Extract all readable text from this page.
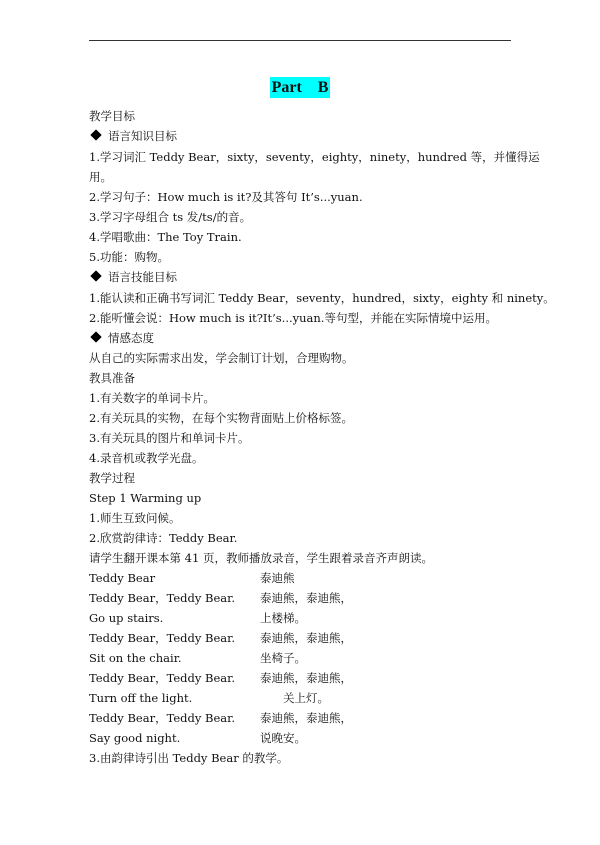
Part    B
教学目标
语言知识目标
1.学习词汇 Teddy Bear，sixty，seventy，eighty，ninety，hundred 等，并懂得运
用。
2.学习句子：How much is it?及其答句 It’s...yuan.
3.学习字母组合 ts 发/ts/的音。
4.学唱歌曲：The Toy Train.
5.功能：购物。
语言技能目标
1.能认读和正确书写词汇 Teddy Bear，seventy，hundred，sixty，eighty 和 ninety。
2.能听懂会说：How much is it?It’s...yuan.等句型，并能在实际情境中运用。
情感态度
从自己的实际需求出发，学会制订计划，合理购物。
教具准备
1.有关数字的单词卡片。
2.有关玩具的实物，在每个实物背面贴上价格标签。
3.有关玩具的图片和单词卡片。
4.录音机或教学光盘。
教学过程
Step 1 Warming up
1.师生互致问候。
2.欣赏韵律诗：Teddy Bear.
请学生翻开课本第 41 页，教师播放录音，学生跟着录音齐声朗读。
Teddy Bear	泰迪熊
Teddy Bear，Teddy Bear. 泰迪熊，泰迪熊，
Go up stairs.	上楼梯。
Teddy Bear，Teddy Bear. 泰迪熊，泰迪熊，
Sit on the chair.	坐椅子。
Teddy Bear，Teddy Bear. 泰迪熊，泰迪熊，
Turn off the light.	关上灯。
Teddy Bear，Teddy Bear. 泰迪熊，泰迪熊，
Say good night.	说晚安。
3.由韵律诗引出 Teddy Bear 的教学。
